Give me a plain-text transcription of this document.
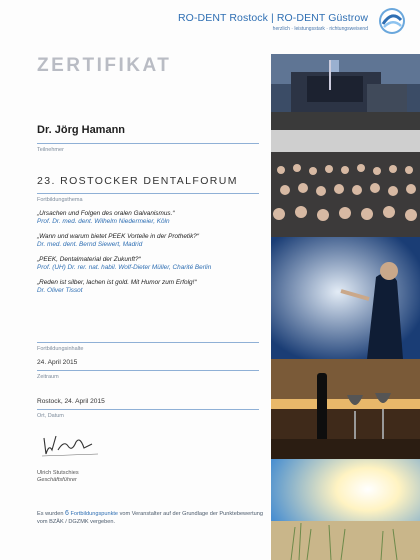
RO-DENT Rostock | RO-DENT Güstrow
herzlich · leistungsstark · richtungsweisend
ZERTIFIKAT
Dr. Jörg Hamann
Teilnehmer
23. ROSTOCKER DENTALFORUM
Fortbildungsthema
„Ursachen und Folgen des oralen Galvanismus.“
Prof. Dr. med. dent. Wilhelm Niedermeier, Köln
„Wann und warum bietet PEEK Vorteile in der Prothetik?“
Dr. med. dent. Bernd Siewert, Madrid
„PEEK, Dentalmaterial der Zukunft?“
Prof. (UH) Dr. rer. nat. habil. Wolf-Dieter Müller, Charité Berlin
„Reden ist silber, lachen ist gold. Mit Humor zum Erfolg!“
Dr. Oliver Tissot
Fortbildungsinhalte
24. April 2015
Zeitraum
Rostock, 24. April 2015
Ort, Datum
Ulrich Stutschies
Geschäftsführer
Es wurden 6 Fortbildungspunkte vom Veranstalter auf der Grundlage der Punktebewertung vom BZÄK / DGZMK vergeben.
